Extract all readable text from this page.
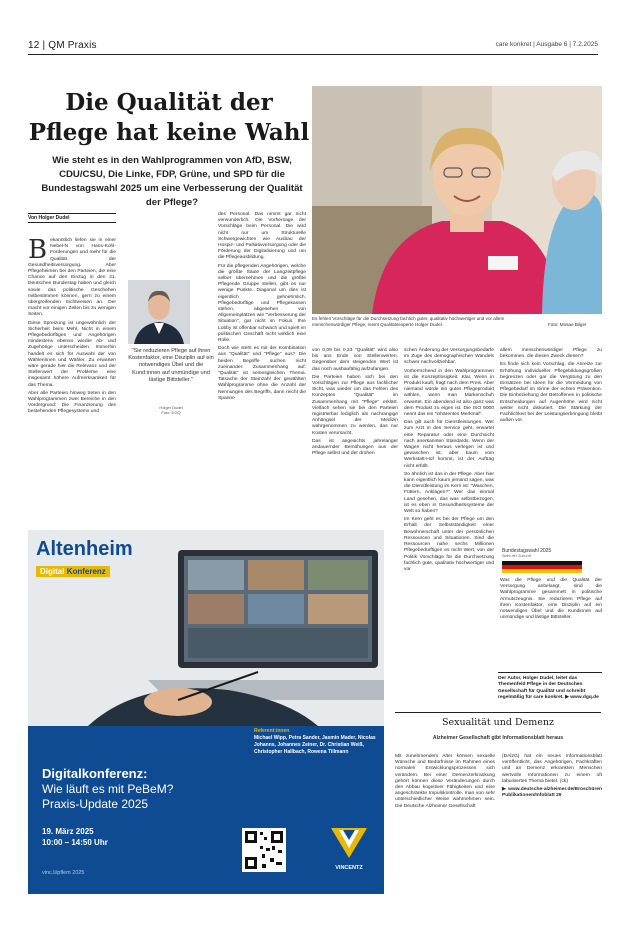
12 | QM Praxis	care konkret | Ausgabe 6 | 7.2.2025
Die Qualität der Pflege hat keine Wahl
Wie steht es in den Wahlprogrammen von AfD, BSW, CDU/CSU, Die Linke, FDP, Grüne, und SPD für die Bundestagswahl 2025 um eine Verbesserung der Qualität der Pflege?
Es fehlen Vorschläge für die Durchsetzung fachlich guter, qualitativ hochwertiger und vor allem menschenwürdiger Pflege, meint Qualitätsexperte Holger Dudel.	Foto: Mosae Bilger
Von Holger Dudel
B ekanntlich liefen sie in einer Nebel-N von Hans-Kohl-Forderungen und mehr für die Qualität der Gesundheitsversorgung. Aber Pflegeheimen bei den Parteien, die eine Chance auf den Einzug in den 21. Deutschen Bundestag haben und gleich sowie das politische Geschehen mitbestimmen können, gern zu einem übergreifenden Sichtweisen an. Der macht vor einigen Zeilen bis zu wenigen Seiten.

Diese Spreizung ist ungewöhnlich der Sicherheit beim Mehl, Nicht in einem Pflegebedürftigen und Angehörigen mindestens ebenso wieder Ab- und Zugehörige unterscheiden. Immerhin handelt es sich für Auswahl der von Wählerinnen und Wähler. Zu erwarten wäre gerade hier die Relevanz und der Stellenwert der Probleme eine insgesamt höhere Aufmerksamkeit für das Thema.

Aber alle Parteien hinweg treten in den Wahlprogrammen zwei Bereiche in den Vordergrund: Die Finanzierung des bestehenden Pflegesystems und

"Sie reduzieren Pflege auf ihren Kostenfaktor, eine Disziplin auf ein notwendiges Übel und die Kund:innen auf unmündige und lästige Bittsteller."
Holger Dudel
Foto: DGQ

des Personal. Das nimmt gar nicht verwunderlich. Die Vorhersage der Vorschläge beim Personal. Die wird nicht nur um Strukturelle Schwergewichten wie Ausbau der Hospiz- und Palliativversorgung oder die Förderung der Digitalisierung und um die Pflegeausbildung.

Für die pflegenden Angehörigen, welche die größte Säule der Langzeitpflege selber übernehmen und die größte Pflegende Gruppe stellen, gibt es nur wenige Punkte. Diagonal um dies ist eigentlich gehnehmlich. Pflegebedürftige und Pflegekassen stehen, abgesehen von Allgemeinplätzen wie "Verbesserung der Situation", gar nicht im Fokus. Ihre Lobby ist offenbar schwach und spielt im politischen Geschäft nicht wirklich eine Rolle.

Doch wie steht es mit der Kombination aus "Qualität" und "Pflege" aus? Die beiden Begriffe suchen nicht zueinander. Zusammenhang auf: "Qualität" ist seinesgleichen Thema. Tatsache der Steinzahl der gewählten Wahlprogramme ohne die Anzahl der Nennungen des Begriffs, dann reicht die Spanne

von 0,09 bis 0,23 "Qualität" wird also bis ans Ende von Stellenwerten. Gegenüber dem steigenden Wert ist das noch ausbaufähig aufzufangen.

Die Parteien haben sich bei den Vorschlägen zur Pflege aus fachlicher Sicht, was wieder um das Fehlen des Konzeptes "Qualität" im Zusammenhang mit "Pflege" erklärt. Vielfach sehen sie bei den Parteien registrierbar lediglich als nachrangige Anhängsel der Medizin wahrgenommen zu werden, das nur Kosten verursacht.

Das ist angesichts jahrelanger andauernder Bemühungen aus der Pflege selbst und der drohen

schen Änderung der Versorgungsbedarfe im Zuge des demographischen Wandels schwer nachvollziehbar.

Vorherrschend in den Wahlprogrammen ist die Konzeptlosigkeit. Klar, Wenn in Produkt kauft, fragt nach dem Preis. Aber niemand würde ein gutes Pflegeprodukt wählen, wenn man Markenschuh erwartet. Ein abendend ist also ganz was dem Produkt zu eigen ist. Die ISO 9000 nennt das ein "inhärentes Merkmal".

Das gilt auch für Dienstleistungen. Wer zum Arzt in den Service geht, erwartet eine Reparatur oder eine Durchsicht nach anerkannten Standards. Wenn der Wagen nicht heraus verlegen ist und gewaschen ist, aber kaum vom Werkstatt-Hof kommt, ist der Auftrag nicht erfüllt.

So ähnlich ist das in der Pflege. Aber hier kann eigentlich kaum jemand sagen, was die Dienstleistung im Kern ist: "Waschen, Füttern, Anklagen?" Wer das einmal Land gesehen, das was selbstbezogen, ist es eben in Gesundheitssysteme der Welt so haben?

Im Kern geht es bei der Pflege um den Erhalt der Selbstständigkeit einer Bewohnerschaft unter der persönlichen Ressourcen und Situationen. Sind die Ressourcen nahe sechs Millionen Pflegebedürftigen es nicht Wert, von der Politik Vorschläge für die Durchsetzung fachlich gute, qualitativ hochwertiger und vor

allem menschenwürdiger Pflege zu bekommen, die diesen Zweck dienen?

Es finde sich kein Vorschlag, die Anreize zur Erhöhung individueller Pflegebildungsgrößen begrenzen oder gar die Vergütung zu den Einsätzen bei Ideen für die Vermeidung von Pflegebedarf im Sinne der echten Prävention. Die Einbeziehung der Betroffenen in politische Entscheidungen auf Augenhöhe wird nicht weiter nicht diskutiert. Die Stärkung der Fachlichkeit bei der Leistungserbringung bleibt außen vor.

Bundestagswahl 2025
Wahl der Zukunft

Was die Pflege und die Qualität der Versorgung anbelangt, sind die Wahlprogramme gesammelt in politische Armutszeugnis. Sie reduzieren Pflege auf ihren Kostenfaktor, eine Disziplin auf ein notwendiges Übel und die Kundinnen auf unmündige und lästige Bittsteller.

Der Autor, Holger Dudel, leitet das Themenfeld Pflege in der Deutschen Gesellschaft für Qualität und schreibt regelmäßig für care konkret. ▶ www.dgq.de
Altenheim
Digital Konferenz
Referent:innen
Michael Wipp, Petra Sander, Jasmin Mader, Nicolas Johanns, Johannes Zeiner, Dr. Christian Weiß, Christopher Hallbach, Rowena Tillmann
Digitalkonferenz:
Wie läuft es mit PeBeM?
Praxis-Update 2025
19. März 2025
10:00 – 14:50 Uhr
vinc.li/pflem 2025
VINCENTZ
Sexualität und Demenz
Alzheimer Gesellschaft gibt Informationsblatt heraus

Mit zunehmendem Alter können sexuelle Wünsche und Bedürfnisse im Rahmen eines normalen Entwicklungsprozesses sich verändern. Bei einer Demenzerkrankung gehört können diese Veränderungen durch den Abbau kognitiver Fähigkeiten und eine angeschränkte Impulskontrolle, man von sehr unterschiedlicher Weise wahrnehmen sein. Die Deutsche Alzheimer Gesellschaft

(DAlzG) hat ein neues Informationsblatt veröffentlicht, das Angehörigen, Fachkräften und an Demenz erkrankten Menschen wertvolle Informationen zu einem oft tabuisierten Thema bietet. (ck)

▶ www.deutsche-alzheimer.de/Broschüren Publikationen/Infoblatt 29
